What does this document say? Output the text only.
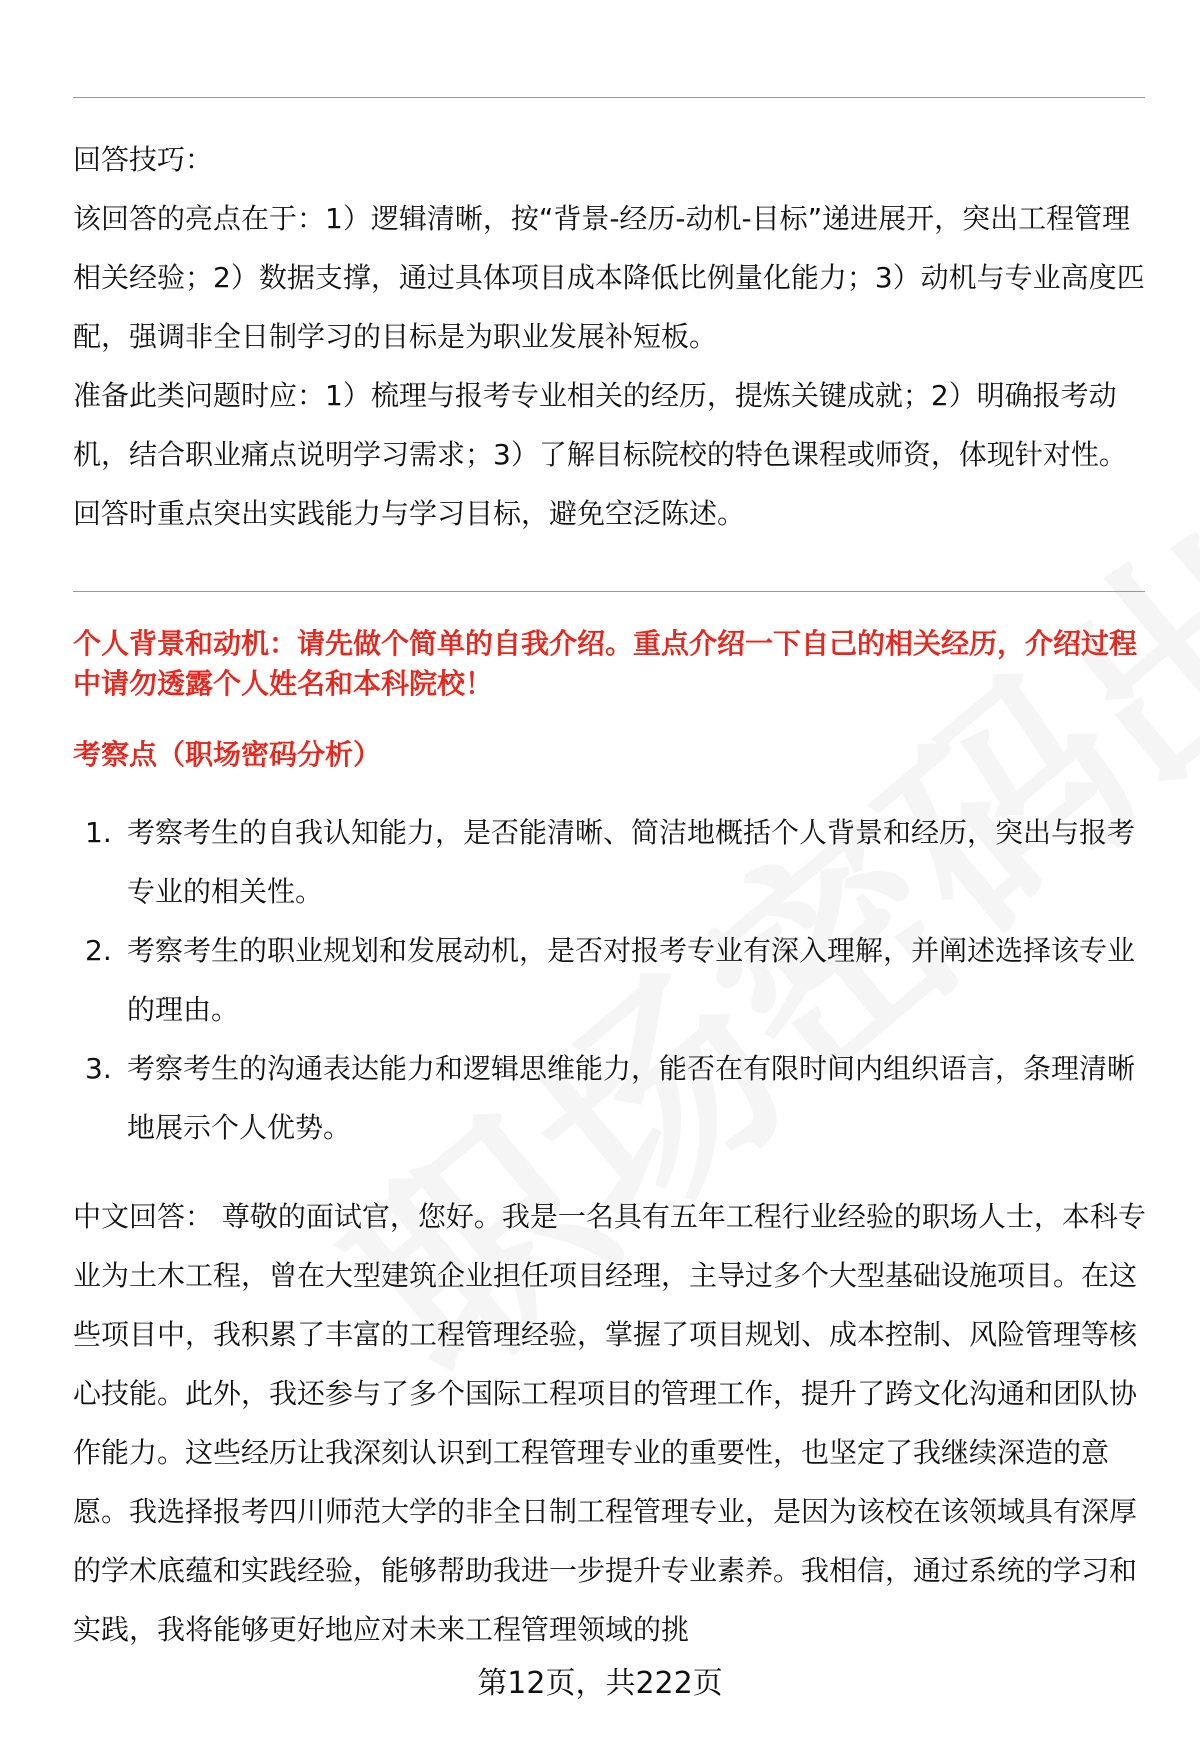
回答技巧：

该回答的亮点在于：1）逻辑清晰，按“背景-经历-动机-目标”递进展开，突出工程管理相关经验；2）数据支撑，通过具体项目成本降低比例量化能力；3）动机与专业高度匹配，强调非全日制学习的目标是为职业发展补短板。

准备此类问题时应：1）梳理与报考专业相关的经历，提炼关键成就；2）明确报考动机，结合职业痛点说明学习需求；3）了解目标院校的特色课程或师资，体现针对性。回答时重点突出实践能力与学习目标，避免空泛陈述。

个人背景和动机：请先做个简单的自我介绍。重点介绍一下自己的相关经历，介绍过程中请勿透露个人姓名和本科院校！
考察点（职场密码分析）
1. 考察考生的自我认知能力，是否能清晰、简洁地概括个人背景和经历，突出与报考专业的相关性。
2. 考察考生的职业规划和发展动机，是否对报考专业有深入理解，并阐述选择该专业的理由。
3. 考察考生的沟通表达能力和逻辑思维能力，能否在有限时间内组织语言，条理清晰地展示个人优势。

中文回答： 尊敬的面试官，您好。我是一名具有五年工程行业经验的职场人士，本科专业为土木工程，曾在大型建筑企业担任项目经理，主导过多个大型基础设施项目。在这些项目中，我积累了丰富的工程管理经验，掌握了项目规划、成本控制、风险管理等核心技能。此外，我还参与了多个国际工程项目的管理工作，提升了跨文化沟通和团队协作能力。这些经历让我深刻认识到工程管理专业的重要性，也坚定了我继续深造的意愿。我选择报考四川师范大学的非全日制工程管理专业，是因为该校在该领域具有深厚的学术底蕴和实践经验，能够帮助我进一步提升专业素养。我相信，通过系统的学习和实践，我将能够更好地应对未来工程管理领域的挑

第12页，共222页
